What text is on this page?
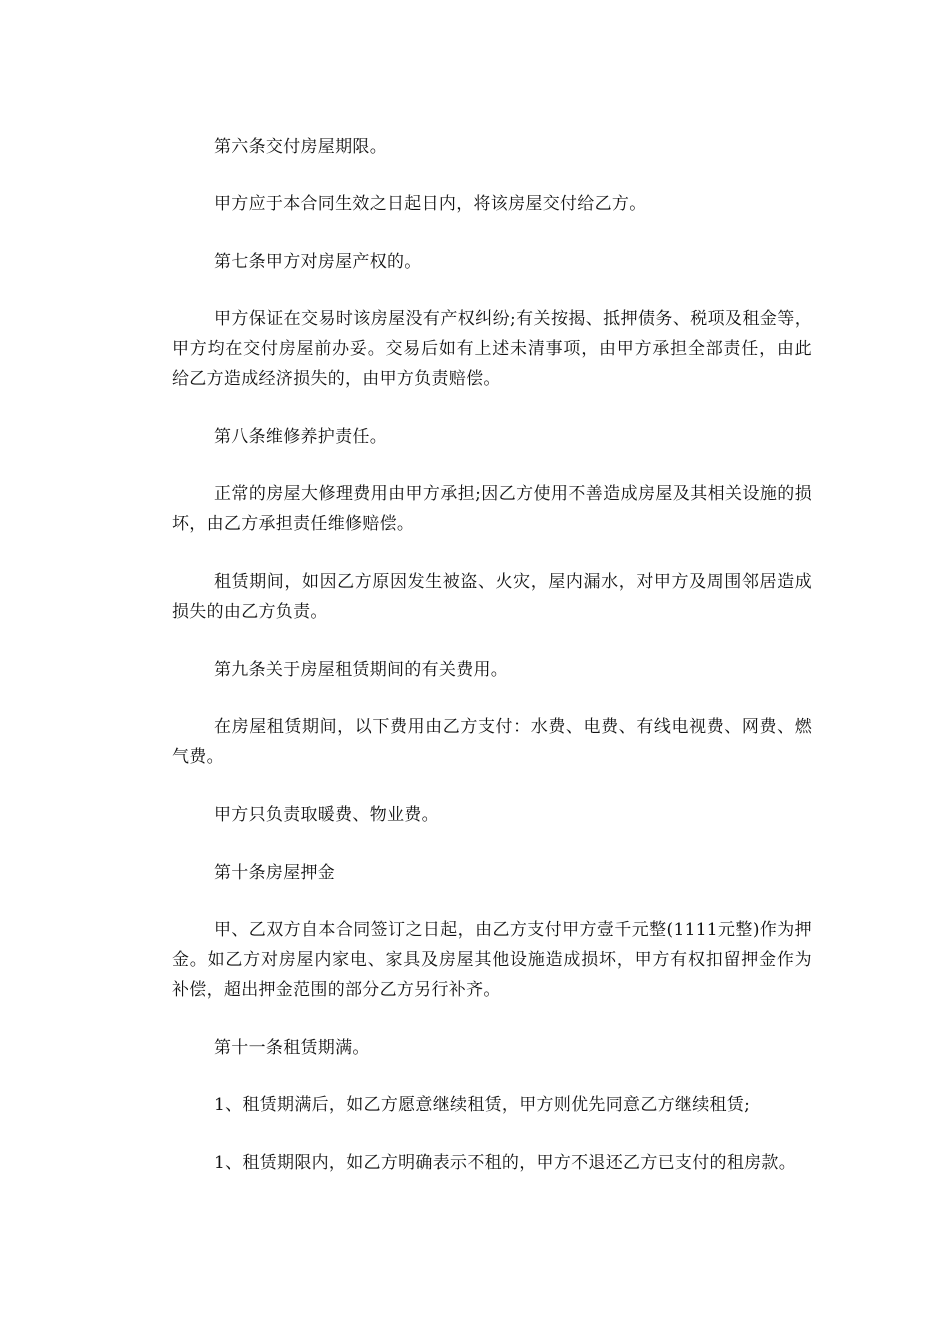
第六条交付房屋期限。

甲方应于本合同生效之日起日内，将该房屋交付给乙方。

第七条甲方对房屋产权的。

甲方保证在交易时该房屋没有产权纠纷;有关按揭、抵押债务、税项及租金等，甲方均在交付房屋前办妥。交易后如有上述未清事项，由甲方承担全部责任，由此给乙方造成经济损失的，由甲方负责赔偿。

第八条维修养护责任。

正常的房屋大修理费用由甲方承担;因乙方使用不善造成房屋及其相关设施的损坏，由乙方承担责任维修赔偿。

租赁期间，如因乙方原因发生被盗、火灾，屋内漏水，对甲方及周围邻居造成损失的由乙方负责。

第九条关于房屋租赁期间的有关费用。

在房屋租赁期间，以下费用由乙方支付：水费、电费、有线电视费、网费、燃气费。

甲方只负责取暖费、物业费。

第十条房屋押金

甲、乙双方自本合同签订之日起，由乙方支付甲方壹千元整(1111元整)作为押金。如乙方对房屋内家电、家具及房屋其他设施造成损坏，甲方有权扣留押金作为补偿，超出押金范围的部分乙方另行补齐。

第十一条租赁期满。

1、租赁期满后，如乙方愿意继续租赁，甲方则优先同意乙方继续租赁;

1、租赁期限内，如乙方明确表示不租的，甲方不退还乙方已支付的租房款。
